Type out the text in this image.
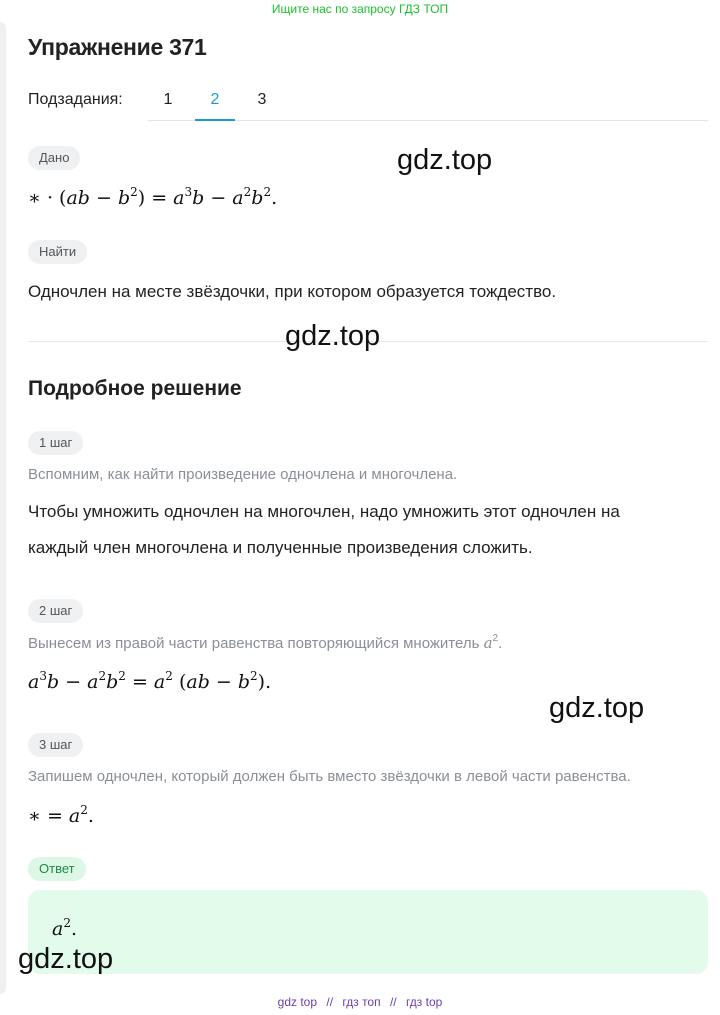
Ищите нас по запросу ГДЗ ТОП
Упражнение 371
Подзадания:	1	2	3
Дано
∗ · $(ab - b^2) = a^3b - a^2b^2$.
Найти
Одночлен на месте звёздочки, при котором образуется тождество.
Подробное решение
1 шаг
Вспомним, как найти произведение одночлена и многочлена.
Чтобы умножить одночлен на многочлен, надо умножить этот одночлен на
каждый член многочлена и полученные произведения сложить.
2 шаг
Вынесем из правой части равенства повторяющийся множитель $a^2$.
$a^3b - a^2b^2 = a^2$ $(ab - b^2)$.
3 шаг
Запишем одночлен, который должен быть вместо звёздочки в левой части равенства.
∗ = $a^2$.
Ответ
$a^2$.
gdz.top
gdz.top
gdz.top
gdz.top
gdz top // гдз топ // гдз top
